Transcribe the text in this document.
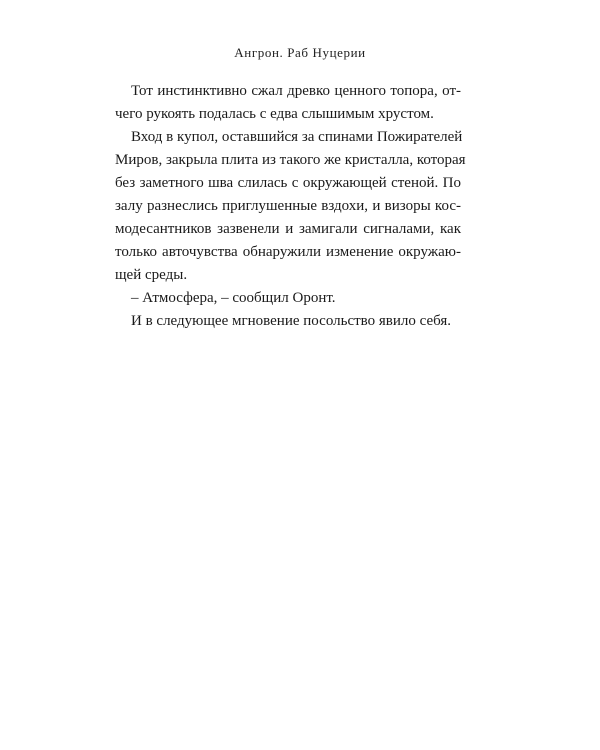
Ангрон. Раб Нуцерии
Тот инстинктивно сжал древко ценного топора, от-
чего рукоять подалась с едва слышимым хрустом.
Вход в купол, оставшийся за спинами Пожирателей
Миров, закрыла плита из такого же кристалла, которая
без заметного шва слилась с окружающей стеной. По
залу разнеслись приглушенные вздохи, и визоры кос-
модесантников зазвенели и замигали сигналами, как
только авточувства обнаружили изменение окружаю-
щей среды.
– Атмосфера, – сообщил Оронт.
И в следующее мгновение посольство явило себя.
